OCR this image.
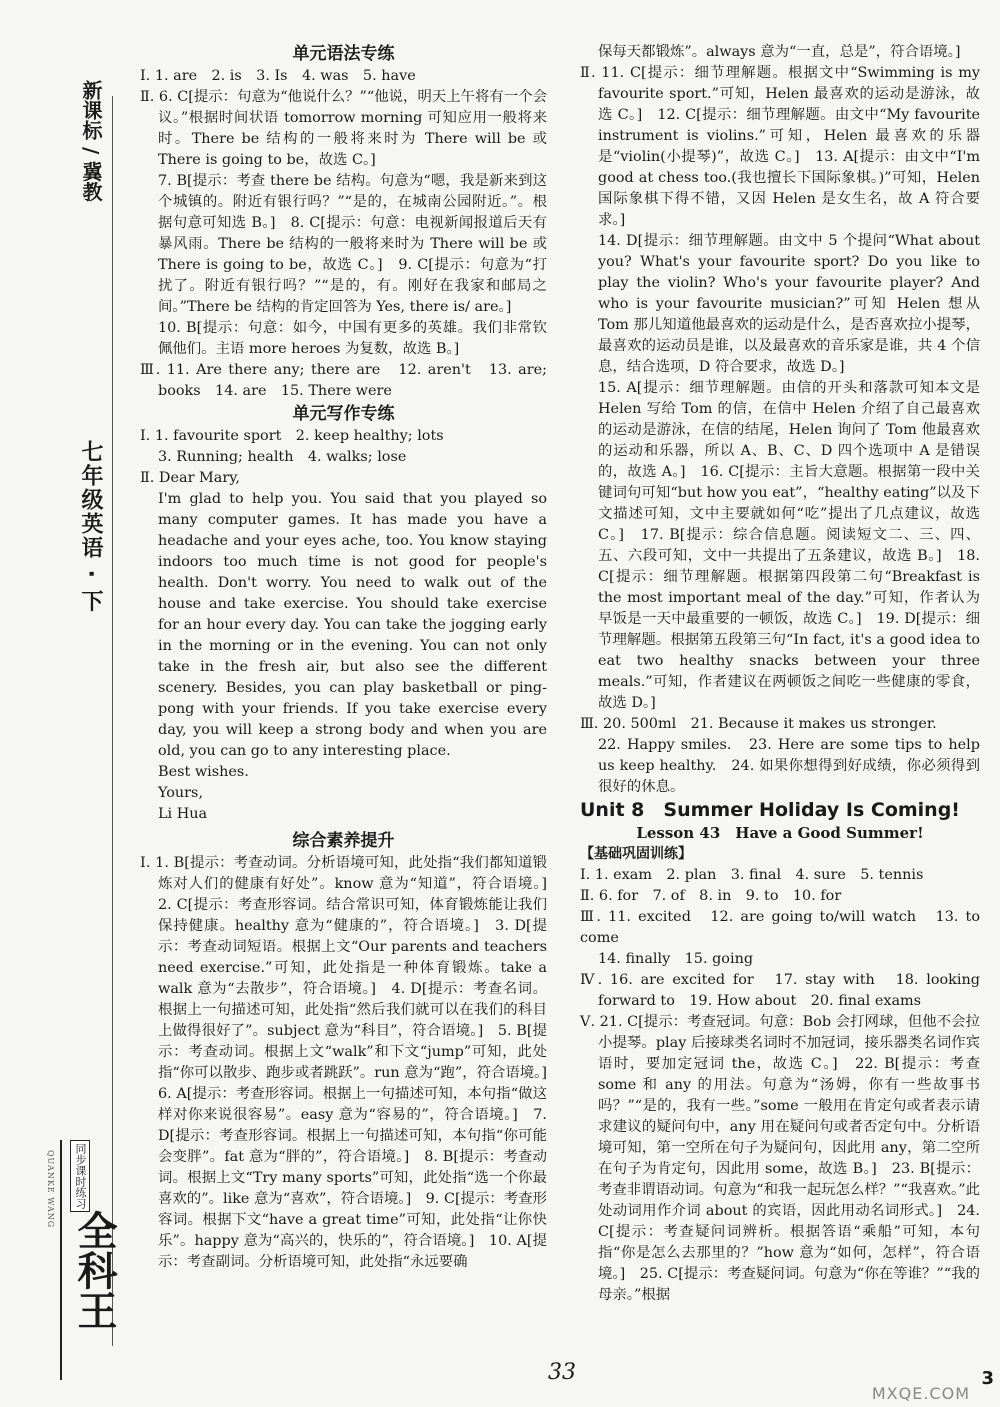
新课标 / 冀教
七年级英语 · 下
QUANKE WANG	同步课时练习
全科王
单元语法专练

Ⅰ. 1. are　2. is　3. Is　4. was　5. have

Ⅱ. 6. C[提示：句意为“他说什么？”“他说，明天上午将有一个会议。”根据时间状语 tomorrow morning 可知应用一般将来时。There be 结构的一般将来时为 There will be 或 There is going to be，故选 C。]

7. B[提示：考查 there be 结构。句意为“嗯，我是新来到这个城镇的。附近有银行吗？”“是的，在城南公园附近。”。根据句意可知选 B。]　8. C[提示：句意：电视新闻报道后天有暴风雨。There be 结构的一般将来时为 There will be 或 There is going to be，故选 C。]　9. C[提示：句意为“打扰了。附近有银行吗？”“是的，有。刚好在我家和邮局之间。”There be 结构的肯定回答为 Yes, there is/ are。]

10. B[提示：句意：如今，中国有更多的英雄。我们非常钦佩他们。主语 more heroes 为复数，故选 B。]

Ⅲ. 11. Are there any; there are　12. aren't　13. are; books　14. are　15. There were

单元写作专练

Ⅰ. 1. favourite sport　2. keep healthy; lots

3. Running; health　4. walks; lose

Ⅱ. Dear Mary,

I'm glad to help you. You said that you played so many computer games. It has made you have a headache and your eyes ache, too. You know staying indoors too much time is not good for people's health. Don't worry. You need to walk out of the house and take exercise. You should take exercise for an hour every day. You can take the jogging early in the morning or in the evening. You can not only take in the fresh air, but also see the different scenery. Besides, you can play basketball or ping-pong with your friends. If you take exercise every day, you will keep a strong body and when you are old, you can go to any interesting place.

Best wishes.

Yours,

Li Hua

综合素养提升

Ⅰ. 1. B[提示：考查动词。分析语境可知，此处指“我们都知道锻炼对人们的健康有好处”。know 意为“知道”，符合语境。]　2. C[提示：考查形容词。结合常识可知，体育锻炼能让我们保持健康。healthy 意为“健康的”，符合语境。]　3. D[提示：考查动词短语。根据上文“Our parents and teachers need exercise.”可知，此处指是一种体育锻炼。take a walk 意为“去散步”，符合语境。]　4. D[提示：考查名词。根据上一句描述可知，此处指“然后我们就可以在我们的科目上做得很好了”。subject 意为“科目”，符合语境。]　5. B[提示：考查动词。根据上文“walk”和下文“jump”可知，此处指“你可以散步、跑步或者跳跃”。run 意为“跑”，符合语境。]　6. A[提示：考查形容词。根据上一句描述可知，本句指“做这样对你来说很容易”。easy 意为“容易的”，符合语境。]　7. D[提示：考查形容词。根据上一句描述可知，本句指“你可能会变胖”。fat 意为“胖的”，符合语境。]　8. B[提示：考查动词。根据上文“Try many sports”可知，此处指“选一个你最喜欢的”。like 意为“喜欢”，符合语境。]　9. C[提示：考查形容词。根据下文“have a great time”可知，此处指“让你快乐”。happy 意为“高兴的，快乐的”，符合语境。]　10. A[提示：考查副词。分析语境可知，此处指“永远要确

保每天都锻炼”。always 意为“一直，总是”，符合语境。]

Ⅱ. 11. C[提示：细节理解题。根据文中“Swimming is my favourite sport.”可知，Helen 最喜欢的运动是游泳，故选 C。]　12. C[提示：细节理解题。由文中“My favourite instrument is violins.”可知，Helen 最喜欢的乐器是“violin(小提琴)”，故选 C。]　13. A[提示：由文中“I'm good at chess too.(我也擅长下国际象棋。)”可知，Helen 国际象棋下得不错，又因 Helen 是女生名，故 A 符合要求。]

14. D[提示：细节理解题。由文中 5 个提问“What about you? What's your favourite sport? Do you like to play the violin? Who's your favourite player? And who is your favourite musician?”可知 Helen 想从 Tom 那儿知道他最喜欢的运动是什么，是否喜欢拉小提琴，最喜欢的运动员是谁，以及最喜欢的音乐家是谁，共 4 个信息，结合选项，D 符合要求，故选 D。]

15. A[提示：细节理解题。由信的开头和落款可知本文是 Helen 写给 Tom 的信，在信中 Helen 介绍了自己最喜欢的运动是游泳，在信的结尾，Helen 询问了 Tom 他最喜欢的运动和乐器，所以 A、B、C、D 四个选项中 A 是错误的，故选 A。]　16. C[提示：主旨大意题。根据第一段中关键词句可知“but how you eat”，“healthy eating”以及下文描述可知，文中主要就如何“吃”提出了几点建议，故选 C。]　17. B[提示：综合信息题。阅读短文二、三、四、五、六段可知，文中一共提出了五条建议，故选 B。]　18. C[提示：细节理解题。根据第四段第二句“Breakfast is the most important meal of the day.”可知，作者认为早饭是一天中最重要的一顿饭，故选 C。]　19. D[提示：细节理解题。根据第五段第三句“In fact, it's a good idea to eat two healthy snacks between your three meals.”可知，作者建议在两顿饭之间吃一些健康的零食，故选 D。]

Ⅲ. 20. 500ml　21. Because it makes us stronger.

22. Happy smiles.　23. Here are some tips to help us keep healthy.　24. 如果你想得到好成绩，你必须得到很好的休息。

Unit 8　Summer Holiday Is Coming!
Lesson 43　Have a Good Summer!
【基础巩固训练】

Ⅰ. 1. exam　2. plan　3. final　4. sure　5. tennis

Ⅱ. 6. for　7. of　8. in　9. to　10. for

Ⅲ. 11. excited　12. are going to/will watch　13. to come

14. finally　15. going

Ⅳ. 16. are excited for　17. stay with　18. looking forward to　19. How about　20. final exams

Ⅴ. 21. C[提示：考查冠词。句意：Bob 会打网球，但他不会拉小提琴。play 后接球类名词时不加冠词，接乐器类名词作宾语时，要加定冠词 the，故选 C。]　22. B[提示：考查 some 和 any 的用法。句意为“汤姆，你有一些故事书吗？”“是的，我有一些。”some 一般用在肯定句或者表示请求建议的疑问句中，any 用在疑问句或者否定句中。分析语境可知，第一空所在句子为疑问句，因此用 any，第二空所在句子为肯定句，因此用 some，故选 B。]　23. B[提示：考查非谓语动词。句意为“和我一起玩怎么样？”“我喜欢。”此处动词用作介词 about 的宾语，因此用动名词形式。]　24. C[提示：考查疑问词辨析。根据答语“乘船”可知，本句指“你是怎么去那里的？”how 意为“如何，怎样”，符合语境。]　25. C[提示：考查疑问词。句意为“你在等谁？”“我的母亲。”根据

33
MXQE.COM
3
